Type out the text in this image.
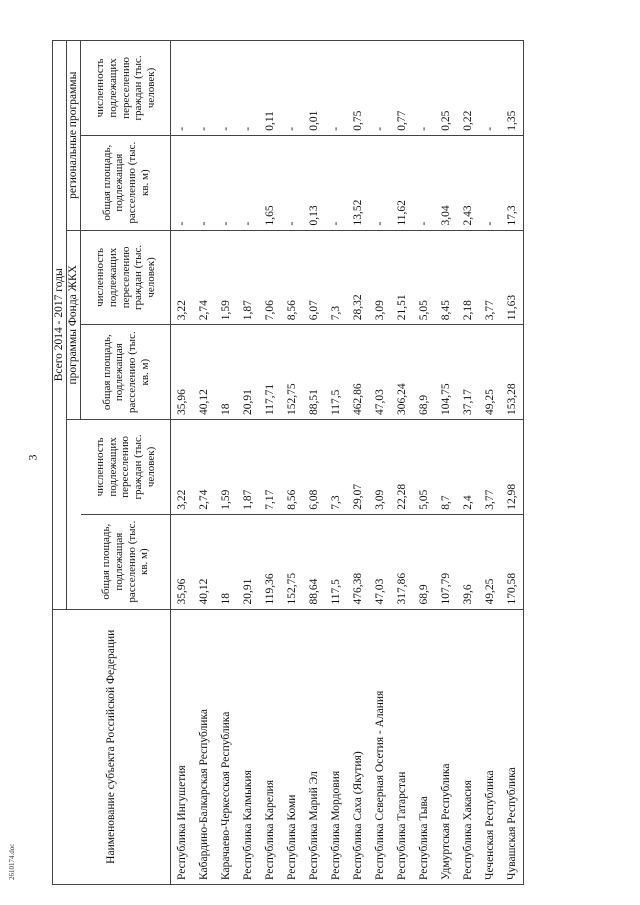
3
2610174.doc	Наименование субъекта Российской Федерации	Всего 2014 - 2017 годы					
			программы Фонда ЖКХ		региональные программы	
	общая площадь, подлежащая расселению (тыс. кв. м)	численность подлежащих переселению граждан (тыс. человек)	общая площадь, подлежащая расселению (тыс. кв. м)	численность подлежащих переселению граждан (тыс. человек)	общая площадь, подлежащая расселению (тыс. кв. м)	численность подлежащих переселению граждан (тыс. человек)
Республика Ингушетия	35,96	3,22	35,96	3,22	-	-
Кабардино-Балкарская Республика	40,12	2,74	40,12	2,74	-	-
Карачаево-Черкесская Республика	18	1,59	18	1,59	-	-
Республика Калмыкия	20,91	1,87	20,91	1,87	-	-
Республика Карелия	119,36	7,17	117,71	7,06	1,65	0,11
Республика Коми	152,75	8,56	152,75	8,56	-	-
Республика Марий Эл	88,64	6,08	88,51	6,07	0,13	0,01
Республика Мордовия	117,5	7,3	117,5	7,3	-	-
Республика Саха (Якутия)	476,38	29,07	462,86	28,32	13,52	0,75
Республика Северная Осетия - Алания	47,03	3,09	47,03	3,09	-	-
Республика Татарстан	317,86	22,28	306,24	21,51	11,62	0,77
Республика Тыва	68,9	5,05	68,9	5,05	-	-
Удмуртская Республика	107,79	8,7	104,75	8,45	3,04	0,25
Республика Хакасия	39,6	2,4	37,17	2,18	2,43	0,22
Чеченская Республика	49,25	3,77	49,25	3,77	-	-
Чувашская Республика	170,58	12,98	153,28	11,63	17,3	1,35
